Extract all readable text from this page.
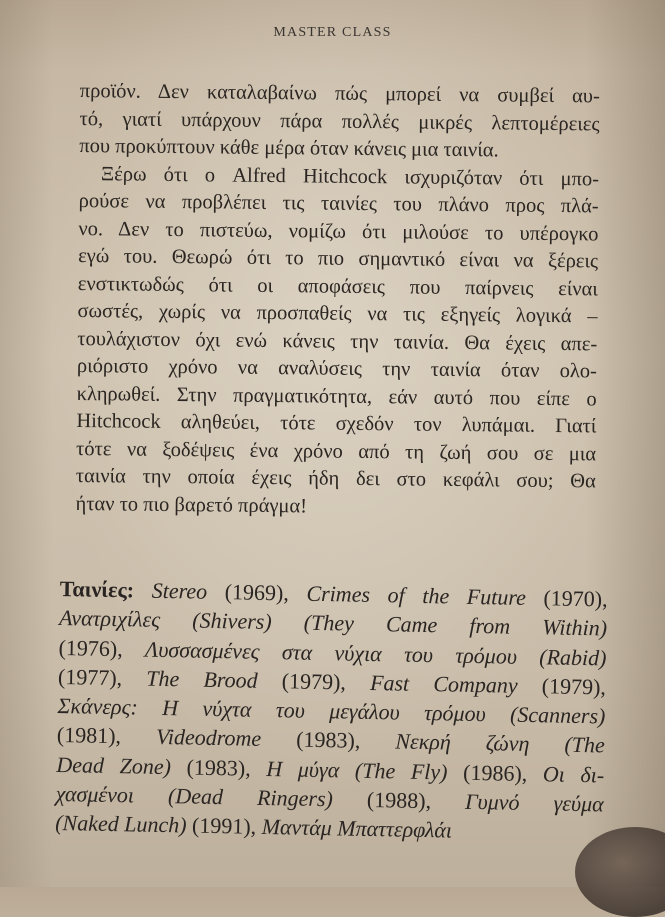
MASTER CLASS
προϊόν. Δεν καταλαβαίνω πώς μπορεί να συμβεί αυ-
τό, γιατί υπάρχουν πάρα πολλές μικρές λεπτομέρειες
που προκύπτουν κάθε μέρα όταν κάνεις μια ταινία.
Ξέρω ότι ο Alfred Hitchcock ισχυριζόταν ότι μπο-
ρούσε να προβλέπει τις ταινίες του πλάνο προς πλά-
νο. Δεν το πιστεύω, νομίζω ότι μιλούσε το υπέρογκο
εγώ του. Θεωρώ ότι το πιο σημαντικό είναι να ξέρεις
ενστικτωδώς ότι οι αποφάσεις που παίρνεις είναι
σωστές, χωρίς να προσπαθείς να τις εξηγείς λογικά –
τουλάχιστον όχι ενώ κάνεις την ταινία. Θα έχεις απε-
ριόριστο χρόνο να αναλύσεις την ταινία όταν ολο-
κληρωθεί. Στην πραγματικότητα, εάν αυτό που είπε ο
Hitchcock αληθεύει, τότε σχεδόν τον λυπάμαι. Γιατί
τότε να ξοδέψεις ένα χρόνο από τη ζωή σου σε μια
ταινία την οποία έχεις ήδη δει στο κεφάλι σου; Θα
ήταν το πιο βαρετό πράγμα!
Ταινίες: Stereo (1969), Crimes of the Future (1970),
Ανατριχίλες (Shivers) (They Came from Within)
(1976), Λυσσασμένες στα νύχια του τρόμου (Rabid)
(1977), The Brood (1979), Fast Company (1979),
Σκάνερς: Η νύχτα του μεγάλου τρόμου (Scanners)
(1981), Videodrome (1983), Νεκρή ζώνη (The
Dead Zone) (1983), Η μύγα (The Fly) (1986), Οι δι-
χασμένοι (Dead Ringers) (1988), Γυμνό γεύμα
(Naked Lunch) (1991), Μαντάμ Μπαττερφλάι
